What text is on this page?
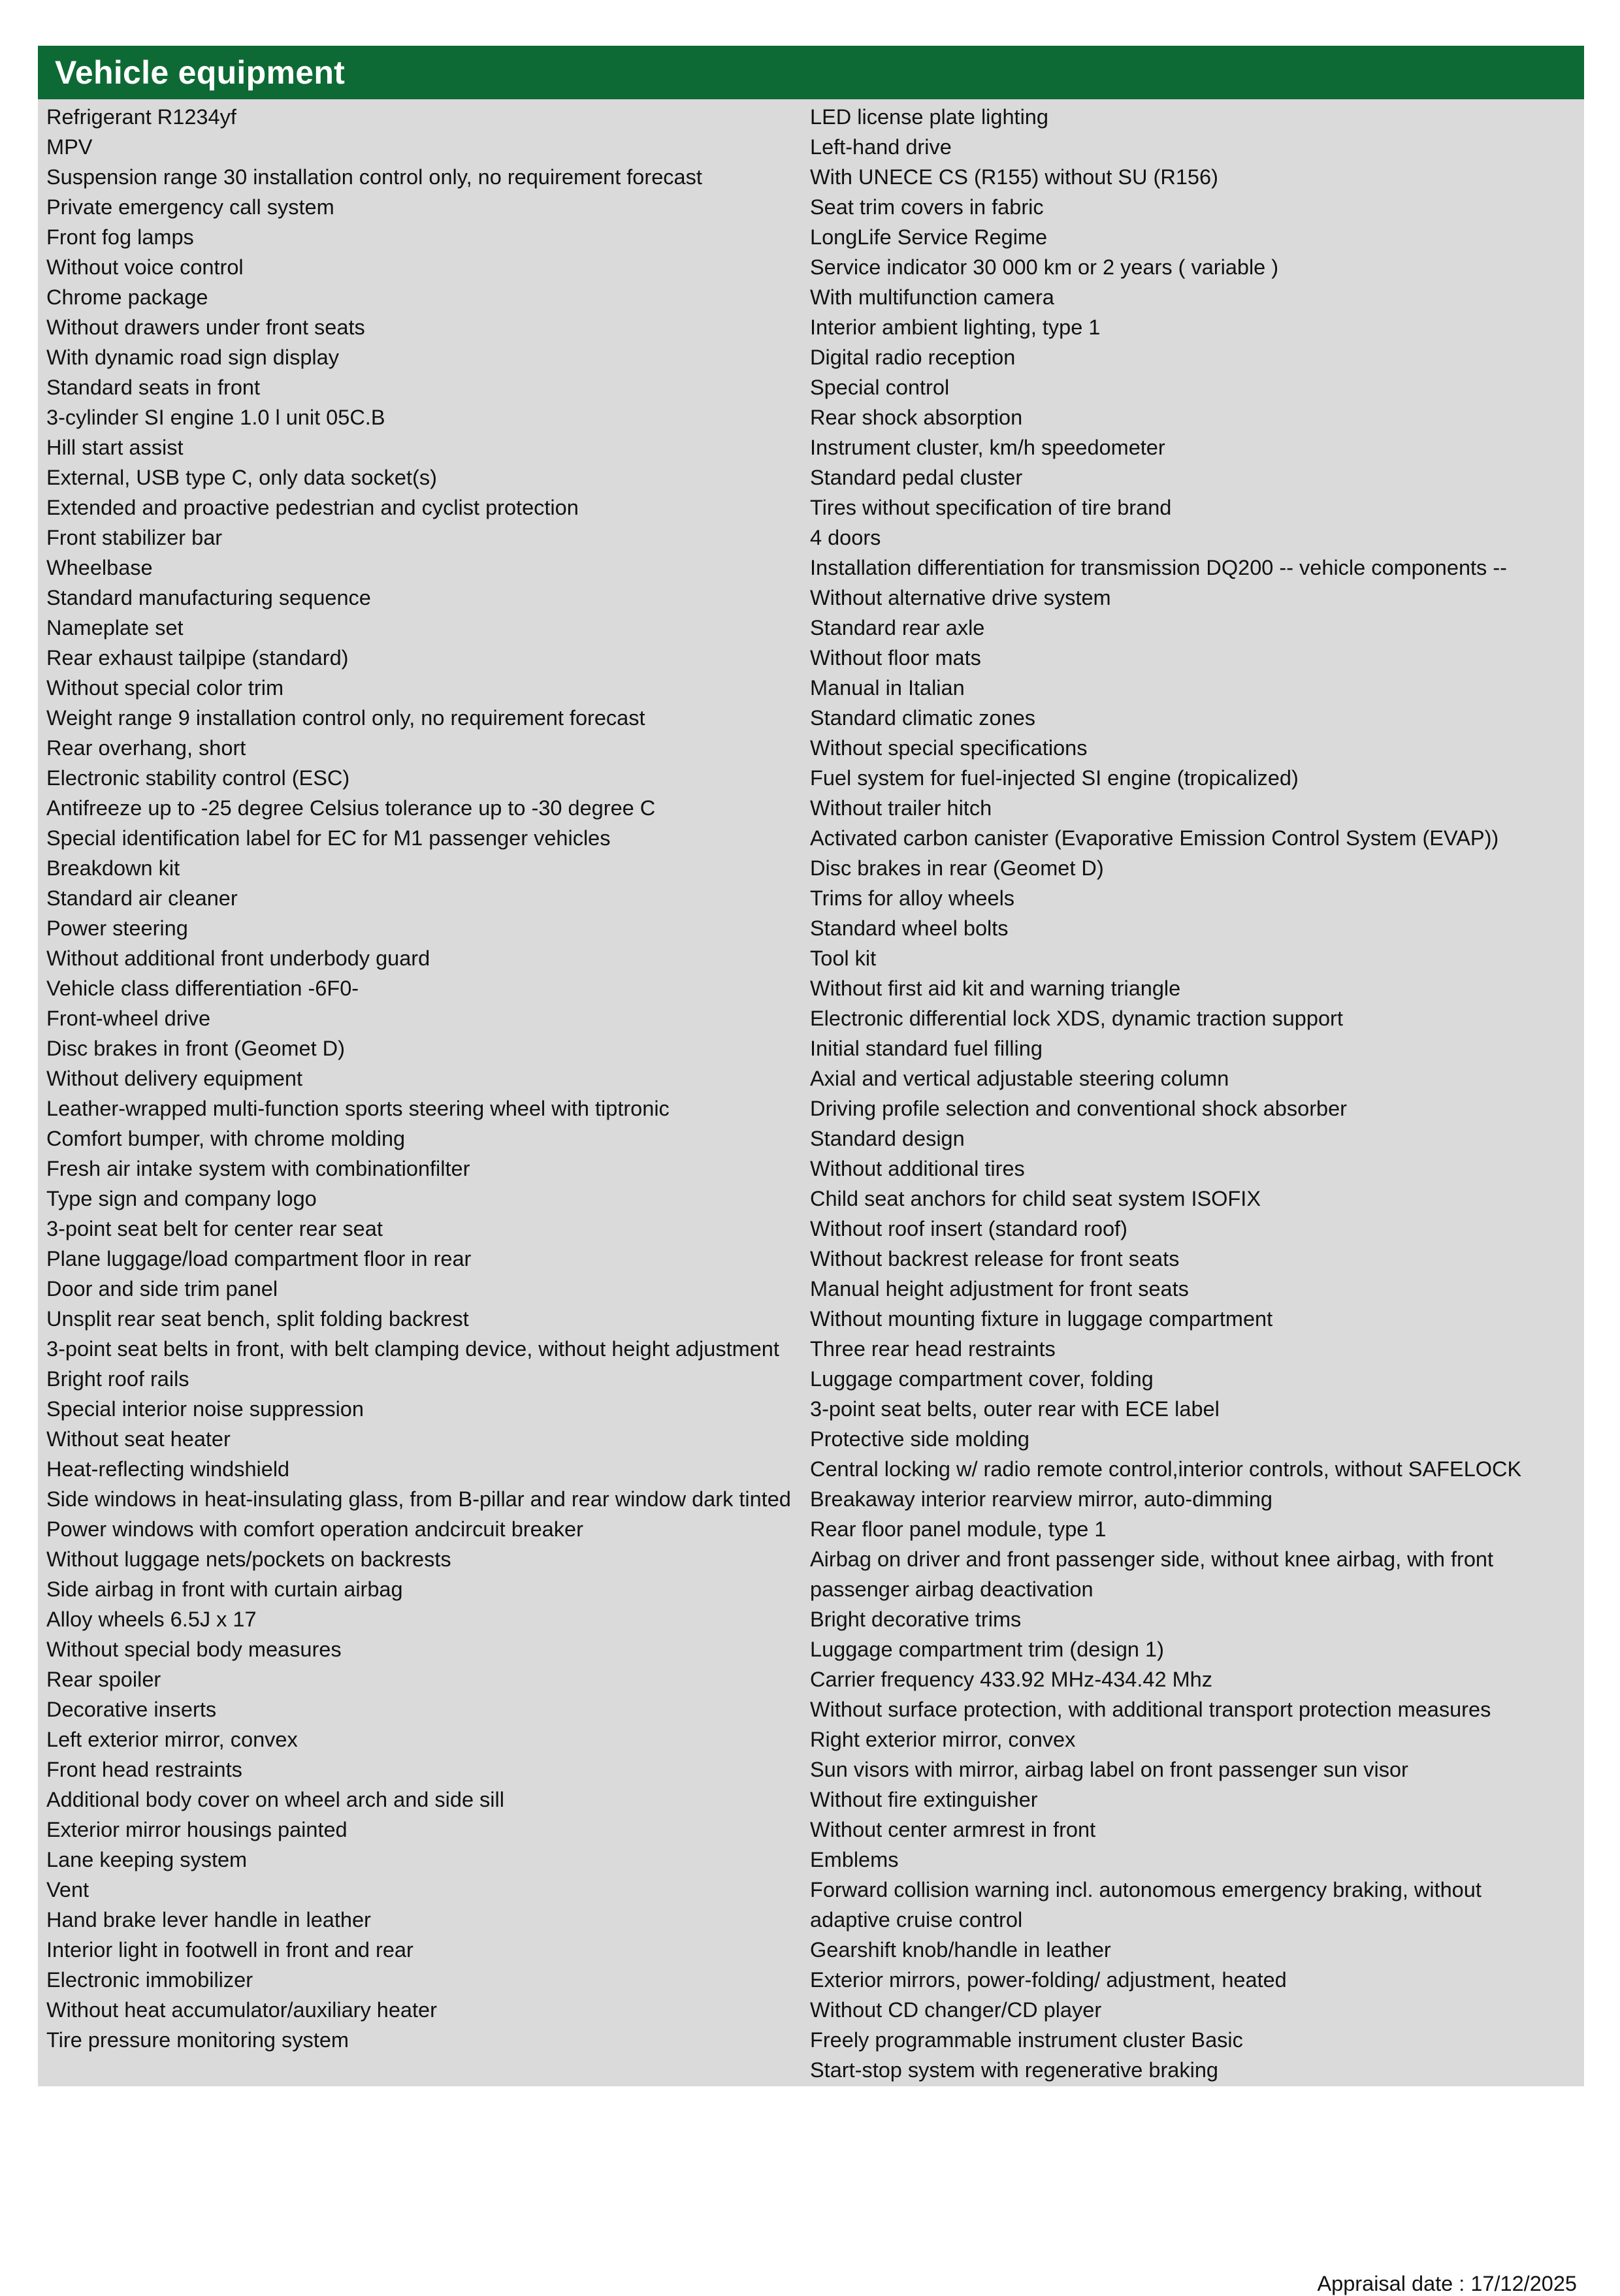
Vehicle equipment
Refrigerant R1234yf
MPV
Suspension range 30 installation control only, no requirement forecast
Private emergency call system
Front fog lamps
Without voice control
Chrome package
Without drawers under front seats
With dynamic road sign display
Standard seats in front
3-cylinder SI engine 1.0 l unit 05C.B
Hill start assist
External, USB type C, only data socket(s)
Extended and proactive pedestrian and cyclist protection
Front stabilizer bar
Wheelbase
Standard manufacturing sequence
Nameplate set
Rear exhaust tailpipe (standard)
Without special color trim
Weight range 9 installation control only, no requirement forecast
Rear overhang, short
Electronic stability control (ESC)
Antifreeze up to -25 degree Celsius tolerance up to -30 degree C
Special identification label for EC for M1 passenger vehicles
Breakdown kit
Standard air cleaner
Power steering
Without additional front underbody guard
Vehicle class differentiation -6F0-
Front-wheel drive
Disc brakes in front (Geomet D)
Without delivery equipment
Leather-wrapped multi-function sports steering wheel with tiptronic
Comfort bumper, with chrome molding
Fresh air intake system with combinationfilter
Type sign and company logo
3-point seat belt for center rear seat
Plane luggage/load compartment floor in rear
Door and side trim panel
Unsplit rear seat bench, split folding backrest
3-point seat belts in front, with belt clamping device, without height adjustment
Bright roof rails
Special interior noise suppression
Without seat heater
Heat-reflecting windshield
Side windows in heat-insulating glass, from B-pillar and rear window dark tinted
Power windows with comfort operation andcircuit breaker
Without luggage nets/pockets on backrests
Side airbag in front with curtain airbag
Alloy wheels 6.5J x 17
Without special body measures
Rear spoiler
Decorative inserts
Left exterior mirror, convex
Front head restraints
Additional body cover on wheel arch and side sill
Exterior mirror housings painted
Lane keeping system
Vent
Hand brake lever handle in leather
Interior light in footwell in front and rear
Electronic immobilizer
Without heat accumulator/auxiliary heater
Tire pressure monitoring system
LED license plate lighting
Left-hand drive
With UNECE CS (R155) without SU (R156)
Seat trim covers in fabric
LongLife Service Regime
Service indicator 30 000 km or 2 years ( variable )
With multifunction camera
Interior ambient lighting, type 1
Digital radio reception
Special control
Rear shock absorption
Instrument cluster, km/h speedometer
Standard pedal cluster
Tires without specification of tire brand
4 doors
Installation differentiation for transmission DQ200 -- vehicle components --
Without alternative drive system
Standard rear axle
Without floor mats
Manual in Italian
Standard climatic zones
Without special specifications
Fuel system for fuel-injected SI engine (tropicalized)
Without trailer hitch
Activated carbon canister (Evaporative Emission Control System (EVAP))
Disc brakes in rear (Geomet D)
Trims for alloy wheels
Standard wheel bolts
Tool kit
Without first aid kit and warning triangle
Electronic differential lock XDS, dynamic traction support
Initial standard fuel filling
Axial and vertical adjustable steering column
Driving profile selection and conventional shock absorber
Standard design
Without additional tires
Child seat anchors for child seat system ISOFIX
Without roof insert (standard roof)
Without backrest release for front seats
Manual height adjustment for front seats
Without mounting fixture in luggage compartment
Three rear head restraints
Luggage compartment cover, folding
3-point seat belts, outer rear with ECE label
Protective side molding
Central locking w/ radio remote control,interior controls, without SAFELOCK
Breakaway interior rearview mirror, auto-dimming
Rear floor panel module, type 1
Airbag on driver and front passenger side, without knee airbag, with front passenger airbag deactivation
Bright decorative trims
Luggage compartment trim (design 1)
Carrier frequency 433.92 MHz-434.42 Mhz
Without surface protection, with additional transport protection measures
Right exterior mirror, convex
Sun visors with mirror, airbag label on front passenger sun visor
Without fire extinguisher
Without center armrest in front
Emblems
Forward collision warning incl. autonomous emergency braking, without adaptive cruise control
Gearshift knob/handle in leather
Exterior mirrors, power-folding/ adjustment, heated
Without CD changer/CD player
Freely programmable instrument cluster Basic
Start-stop system with regenerative braking
Appraisal date : 17/12/2025
